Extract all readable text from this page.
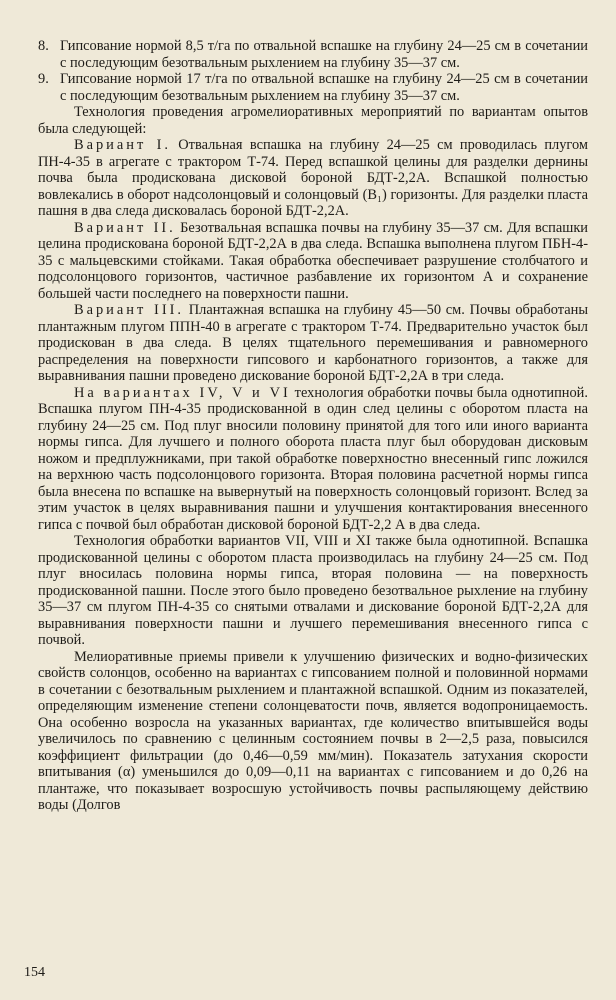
8. Гипсование нормой 8,5 т/га по отвальной вспашке на глубину 24—25 см в сочетании с последующим безотвальным рыхлением на глубину 35—37 см.
9. Гипсование нормой 17 т/га по отвальной вспашке на глубину 24—25 см в сочетании с последующим безотвальным рыхлением на глубину 35—37 см.

Технология проведения агромелиоративных мероприятий по вариантам опытов была следующей:

Вариант I. Отвальная вспашка на глубину 24—25 см проводилась плугом ПН-4-35 в агрегате с трактором Т-74. Перед вспашкой целины для разделки дернины почва была продискована дисковой бороной БДТ-2,2А. Вспашкой полностью вовлекались в оборот надсолонцовый и солонцовый (B₁) горизонты. Для разделки пласта пашня в два следа дисковалась бороной БДТ-2,2А.

Вариант II. Безотвальная вспашка почвы на глубину 35—37 см. Для вспашки целина продискована бороной БДТ-2,2А в два следа. Вспашка выполнена плугом ПБН-4-35 с мальцевскими стойками. Такая обработка обеспечивает разрушение столбчатого и подсолонцового горизонтов, частичное разбавление их горизонтом А и сохранение большей части последнего на поверхности пашни.

Вариант III. Плантажная вспашка на глубину 45—50 см. Почвы обработаны плантажным плугом ППН-40 в агрегате с трактором Т-74. Предварительно участок был продискован в два следа. В целях тщательного перемешивания и равномерного распределения на поверхности гипсового и карбонатного горизонтов, а также для выравнивания пашни проведено дискование бороной БДТ-2,2А в три следа.

На вариантах IV, V и VI технология обработки почвы была однотипной. Вспашка плугом ПН-4-35 продискованной в один след целины с оборотом пласта на глубину 24—25 см. Под плуг вносили половину принятой для того или иного варианта нормы гипса. Для лучшего и полного оборота пласта плуг был оборудован дисковым ножом и предплужниками, при такой обработке поверхностно внесенный гипс ложился на верхнюю часть подсолонцового горизонта. Вторая половина расчетной нормы гипса была внесена по вспашке на вывернутый на поверхность солонцовый горизонт. Вслед за этим участок в целях выравнивания пашни и улучшения контактирования внесенного гипса с почвой был обработан дисковой бороной БДТ-2,2 А в два следа.

Технология обработки вариантов VII, VIII и XI также была однотипной. Вспашка продискованной целины с оборотом пласта производилась на глубину 24—25 см. Под плуг вносилась половина нормы гипса, вторая половина — на поверхность продискованной пашни. После этого было проведено безотвальное рыхление на глубину 35—37 см плугом ПН-4-35 со снятыми отвалами и дискование бороной БДТ-2,2А для выравнивания поверхности пашни и лучшего перемешивания внесенного гипса с почвой.

Мелиоративные приемы привели к улучшению физических и водно-физических свойств солонцов, особенно на вариантах с гипсованием полной и половинной нормами в сочетании с безотвальным рыхлением и плантажной вспашкой. Одним из показателей, определяющим изменение степени солонцеватости почв, является водопроницаемость. Она особенно возросла на указанных вариантах, где количество впитывшейся воды увеличилось по сравнению с целинным состоянием почвы в 2—2,5 раза, повысился коэффициент фильтрации (до 0,46—0,59 мм/мин). Показатель затухания скорости впитывания (α) уменьшился до 0,09—0,11 на вариантах с гипсованием и до 0,26 на плантаже, что показывает возросшую устойчивость почвы распыляющему действию воды (Долгов

154
